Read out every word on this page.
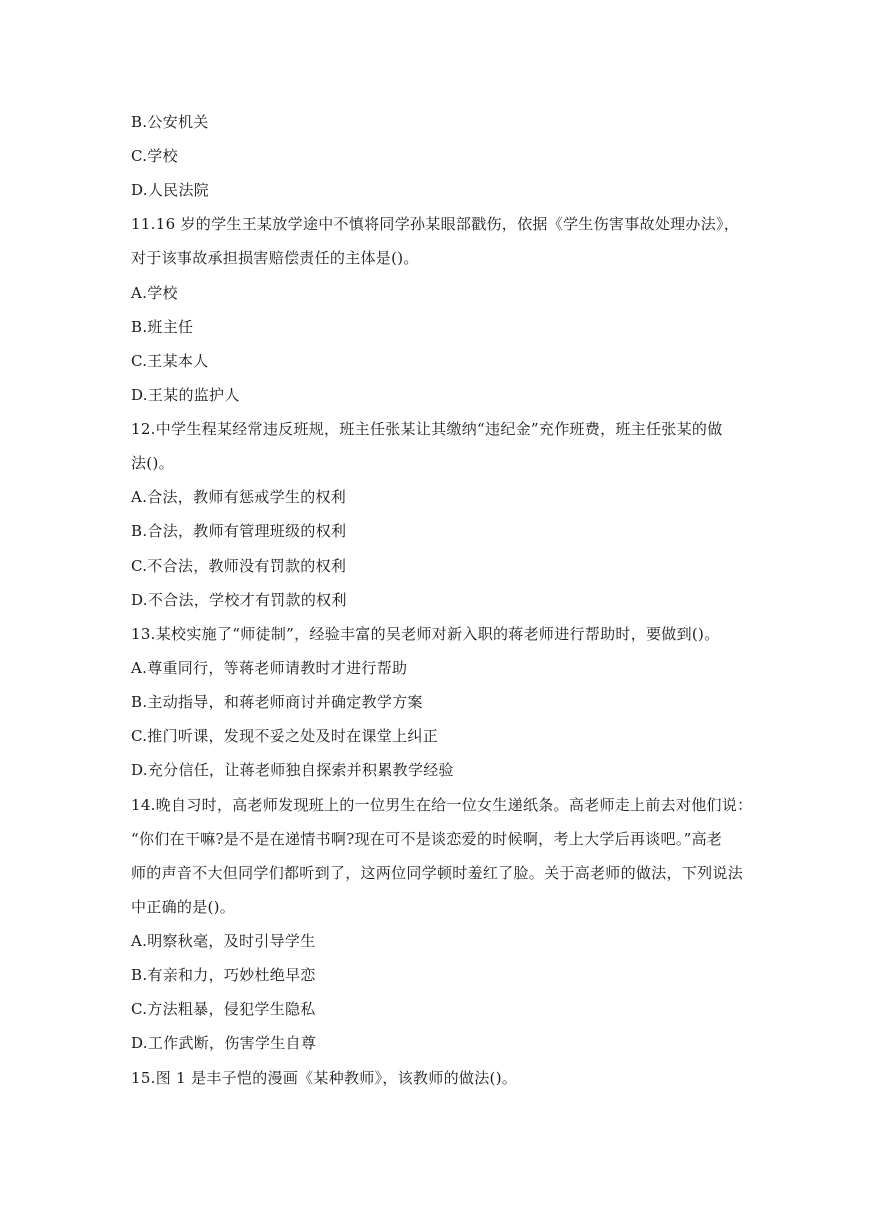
B.公安机关
C.学校
D.人民法院
11.16 岁的学生王某放学途中不慎将同学孙某眼部戳伤，依据《学生伤害事故处理办法》，
对于该事故承担损害赔偿责任的主体是()。
A.学校
B.班主任
C.王某本人
D.王某的监护人
12.中学生程某经常违反班规，班主任张某让其缴纳“违纪金”充作班费，班主任张某的做
法()。
A.合法，教师有惩戒学生的权利
B.合法，教师有管理班级的权利
C.不合法，教师没有罚款的权利
D.不合法，学校才有罚款的权利
13.某校实施了“师徒制”，经验丰富的吴老师对新入职的蒋老师进行帮助时，要做到()。
A.尊重同行，等蒋老师请教时才进行帮助
B.主动指导，和蒋老师商讨并确定教学方案
C.推门听课，发现不妥之处及时在课堂上纠正
D.充分信任，让蒋老师独自探索并积累教学经验
14.晚自习时，高老师发现班上的一位男生在给一位女生递纸条。高老师走上前去对他们说：
“你们在干嘛?是不是在递情书啊?现在可不是谈恋爱的时候啊，考上大学后再谈吧。”高老
师的声音不大但同学们都听到了，这两位同学顿时羞红了脸。关于高老师的做法，下列说法
中正确的是()。
A.明察秋毫，及时引导学生
B.有亲和力，巧妙杜绝早恋
C.方法粗暴，侵犯学生隐私
D.工作武断，伤害学生自尊
15.图 1 是丰子恺的漫画《某种教师》，该教师的做法()。
